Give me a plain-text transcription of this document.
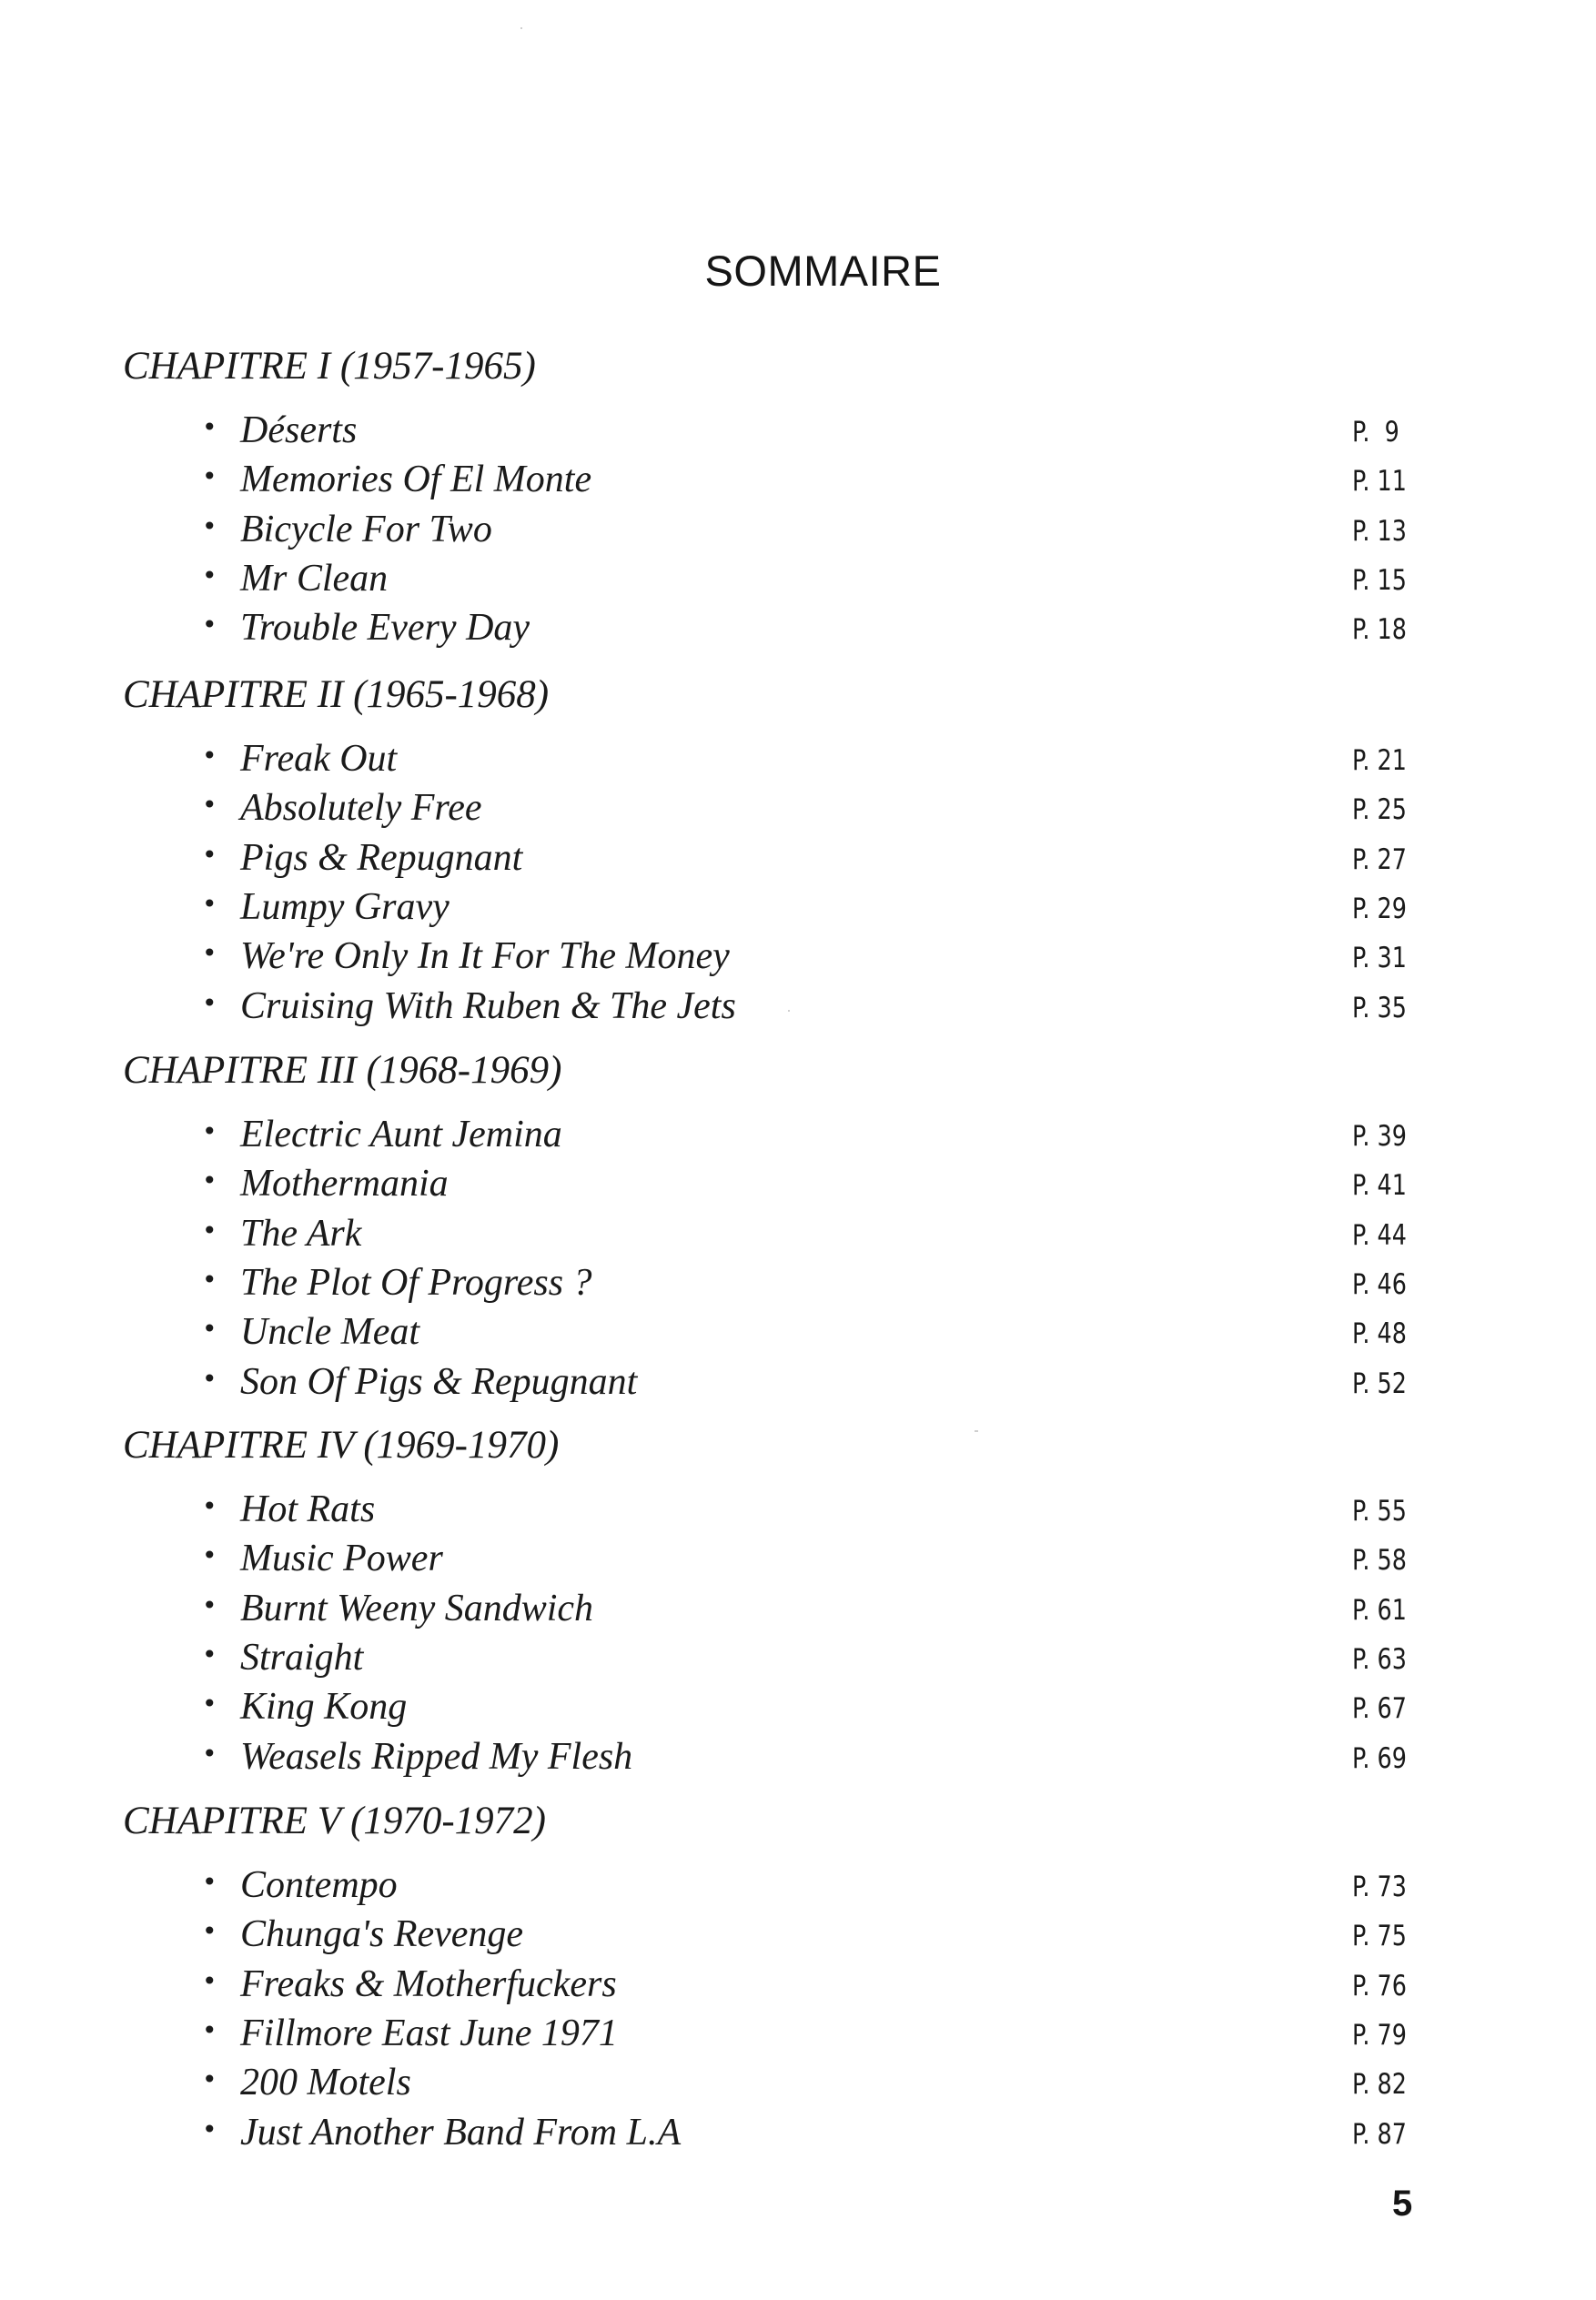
SOMMAIRE
CHAPITRE I (1957-1965)
• Déserts	P.  9
• Memories Of El Monte	P. 11
• Bicycle For Two	P. 13
• Mr Clean	P. 15
• Trouble Every Day	P. 18
CHAPITRE II (1965-1968)
• Freak Out	P. 21
• Absolutely Free	P. 25
• Pigs & Repugnant	P. 27
• Lumpy Gravy	P. 29
• We're Only In It For The Money	P. 31
• Cruising With Ruben & The Jets	P. 35
CHAPITRE III (1968-1969)
• Electric Aunt Jemina	P. 39
• Mothermania	P. 41
• The Ark	P. 44
• The Plot Of Progress ?	P. 46
• Uncle Meat	P. 48
• Son Of Pigs & Repugnant	P. 52
CHAPITRE IV (1969-1970)
• Hot Rats	P. 55
• Music Power	P. 58
• Burnt Weeny Sandwich	P. 61
• Straight	P. 63
• King Kong	P. 67
• Weasels Ripped My Flesh	P. 69
CHAPITRE V (1970-1972)
• Contempo	P. 73
• Chunga's Revenge	P. 75
• Freaks & Motherfuckers	P. 76
• Fillmore East June 1971	P. 79
• 200 Motels	P. 82
• Just Another Band From L.A	P. 87
5
